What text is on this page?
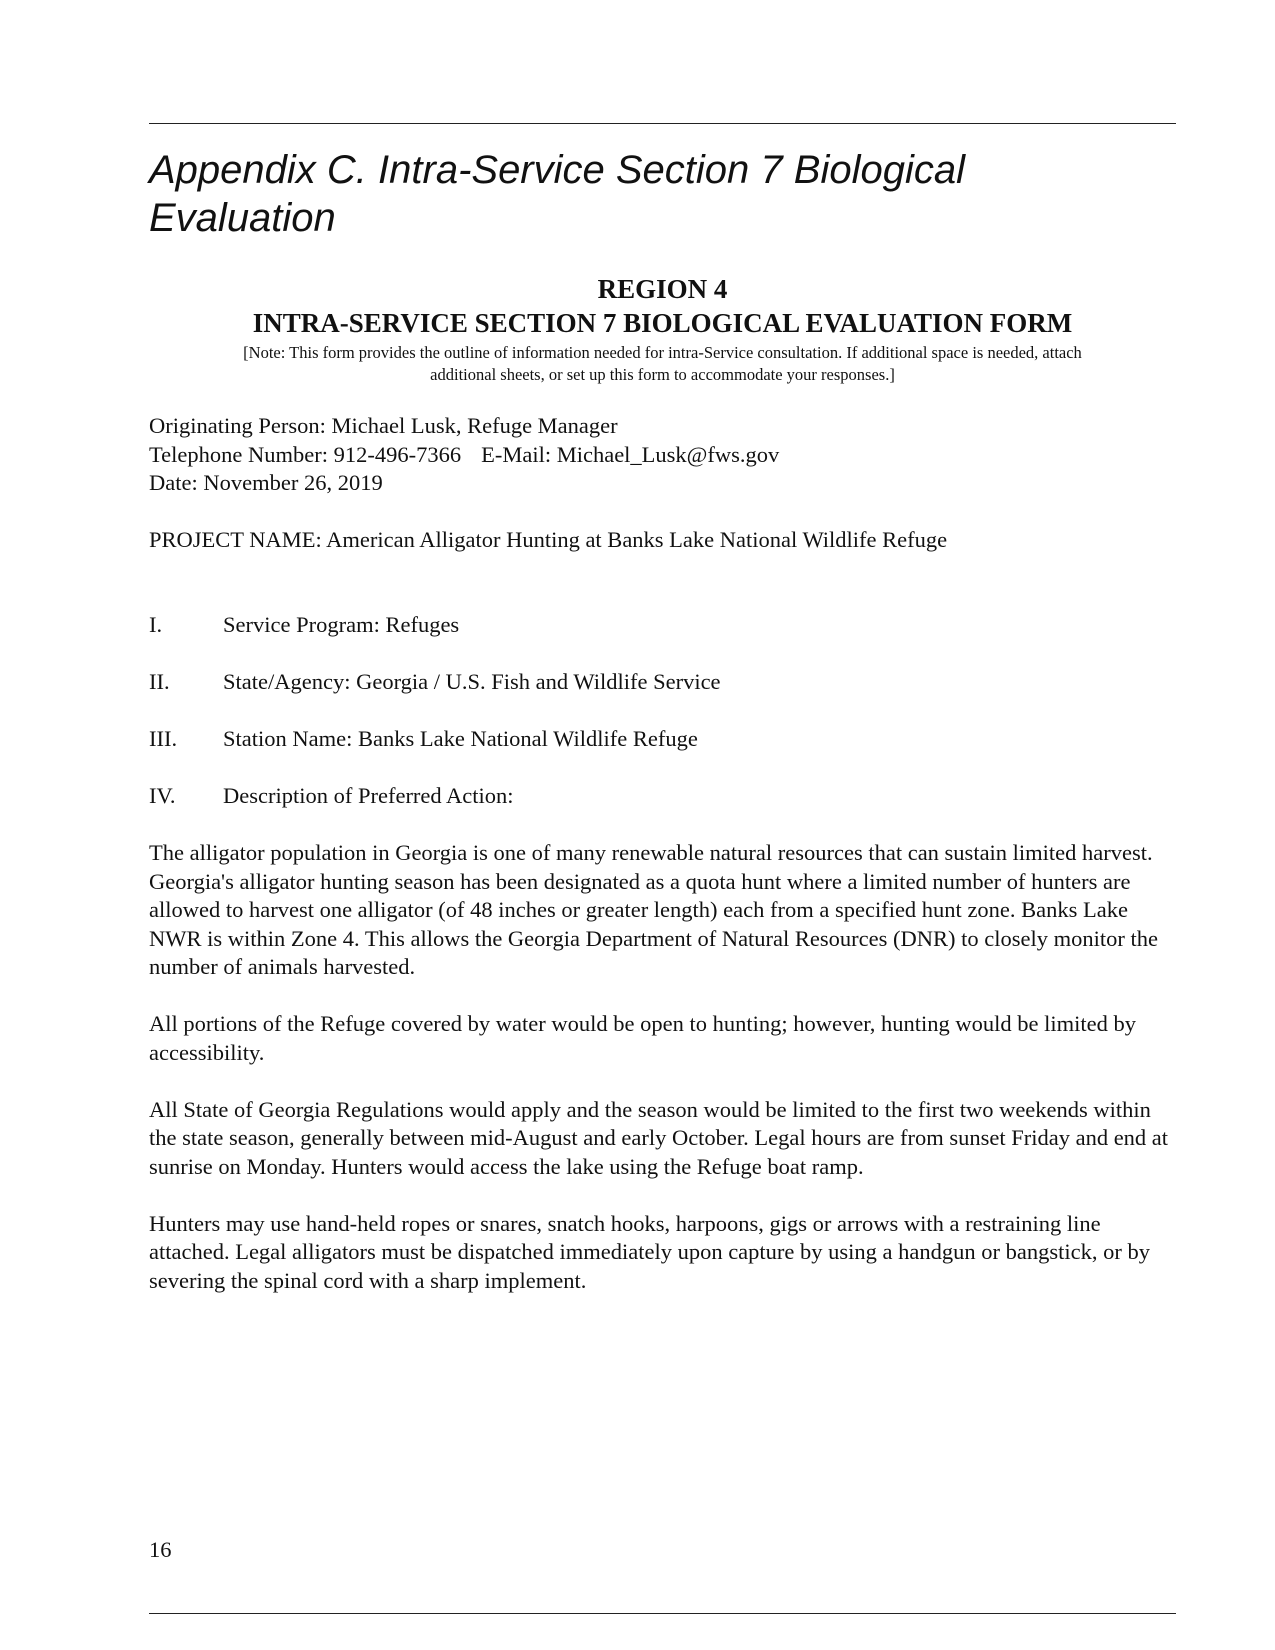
Appendix C. Intra-Service Section 7 Biological Evaluation
REGION 4
INTRA-SERVICE SECTION 7 BIOLOGICAL EVALUATION FORM
[Note: This form provides the outline of information needed for intra-Service consultation. If additional space is needed, attach additional sheets, or set up this form to accommodate your responses.]
Originating Person: Michael Lusk, Refuge Manager
Telephone Number: 912-496-7366 E-Mail: Michael_Lusk@fws.gov
Date: November 26, 2019
PROJECT NAME: American Alligator Hunting at Banks Lake National Wildlife Refuge
I.	Service Program: Refuges
II. State/Agency: Georgia / U.S. Fish and Wildlife Service
III. Station Name: Banks Lake National Wildlife Refuge
IV. Description of Preferred Action:

The alligator population in Georgia is one of many renewable natural resources that can sustain limited harvest. Georgia's alligator hunting season has been designated as a quota hunt where a limited number of hunters are allowed to harvest one alligator (of 48 inches or greater length) each from a specified hunt zone. Banks Lake NWR is within Zone 4. This allows the Georgia Department of Natural Resources (DNR) to closely monitor the number of animals harvested.

All portions of the Refuge covered by water would be open to hunting; however, hunting would be limited by accessibility.

All State of Georgia Regulations would apply and the season would be limited to the first two weekends within the state season, generally between mid-August and early October. Legal hours are from sunset Friday and end at sunrise on Monday. Hunters would access the lake using the Refuge boat ramp.

Hunters may use hand-held ropes or snares, snatch hooks, harpoons, gigs or arrows with a restraining line attached. Legal alligators must be dispatched immediately upon capture by using a handgun or bangstick, or by severing the spinal cord with a sharp implement.

16
